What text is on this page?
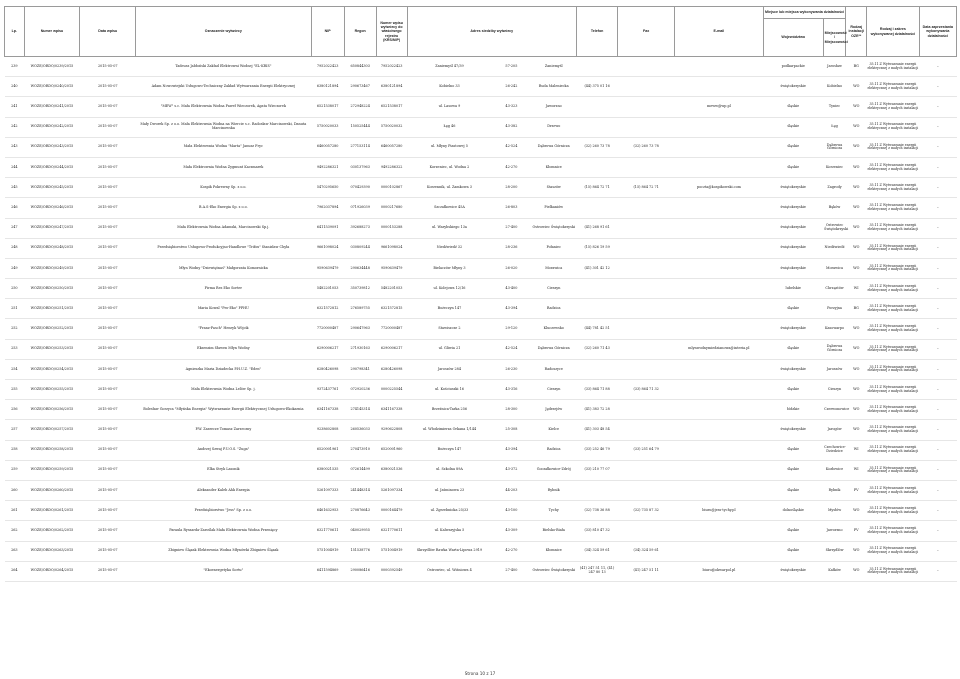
Lp.	Numer wpisu	Data wpisu	Oznaczenie wytwórcy	NIP	Regon	Numer wpisu wytwórcy do właściwego rejestru (KRS/NIP)	Adres siedziby wytwórcy			Telefon	Fax	E-mail	Miejsce lub miejsca wykonywania działalności		Rodzaj instalacji OZE**	Rodzaj i zakres wykonywanej działalności	Data zaprzestania wykonywania działalności
													Województwo	Miejscowość / Miejscowości			
239	WOZE/ORDO/0239/2015	2015-05-07	Tadeusz Jabłoński Zakład Elektrowni Wodnej "EL-KRIS"	7952022423	650844303	7952022423	Zaniemyśl 47/39	57-205	Zaniemyśl				podkarpackie	Jarosław	BG	35.11.Z Wytwarzanie energii elektrycznej z małych instalacji	–
240	WOZE/ORDO/0240/2015	2015-05-07	Adam Nowowiejski Usługowo-Techniczny Zakład Wytwarzania Energii Elektrycznej	6380121894	290673467	6380121894	Kobielno 33	26-242	Ruda Maleniecka	(44) 375 01 16			świętokrzyskie	Kobielno	WO	35.11.Z Wytwarzanie energii elektrycznej z małych instalacji	–
241	WOZE/ORDO/0241/2015	2015-05-07	"MEW" s.c. Mała Elektrownia Wodna Paweł Wieczorek, Agata Wieczorek	6521538017	272948224	6521538017	ul. Lasowa 9	43-323	Jaworzno			meww@wp.pl	śląskie	Tyniec	WO	35.11.Z Wytwarzanie energii elektrycznej z małych instalacji	–
242	WOZE/ORDO/0242/2015	2015-05-07	Mały Dworek Sp. z o.o. Mała Elektrownia Wodna na Wiercie s.c. Radosław Marcinowski, Danuta Marcinowska	5750020033	150525444	5750020032	Łęg 46	43-382	Drzewo				śląskie	Łęg	WO	35.11.Z Wytwarzanie energii elektrycznej z małych instalacji	–
243	WOZE/ORDO/0243/2015	2015-05-07	Mała Elektrownia Wodna "Marta" Janusz Fryc	6460057280	277153114	6460057280	ul. Młyny Piastowej 5	42-524	Dąbrowa Górnicza	(32) 260 73 78	(32) 260 73 78		śląskie	Dąbrowa Górnicza	WO	35.11.Z Wytwarzanie energii elektrycznej z małych instalacji	–
244	WOZE/ORDO/0244/2015	2015-05-07	Mała Elektrownia Wodna Zygmunt Kaczmarek	9492286321	030137963	9492286322	Korzeniec, ul. Wodna 2	42-270	Kłomnice				śląskie	Korzeniec	WO	35.11.Z Wytwarzanie energii elektrycznej z małych instalacji	–
245	WOZE/ORDO/0245/2015	2015-05-07	Kospik Pokrewny Sp. z o.o.	5470295650	070429390	0000102867	Korzennik, ul. Zamkowa 3	28-200	Staszów	(15) 864 72 71	(15) 864 72 71	poczta@kospikowski.com	świętokrzyskie	Zagrody	WO	35.11.Z Wytwarzanie energii elektrycznej z małych instalacji	–
246	WOZE/ORDO/0246/2015	2015-05-07	B.A.S-Eko Energia Sp. z o.o.	7962037894	071926039	0000217680	Szczałkowice 45A	26-803	Pielkaniów				świętokrzyskie	Bęków	WO	35.11.Z Wytwarzanie energii elektrycznej z małych instalacji	–
247	WOZE/ORDO/0247/2015	2015-05-07	Mała Elektrownia Wodna Adamski, Marcinowski Sp.j.	6411539091	392688273	0000153288	ul. Warybskiego 13a	27-400	Ostrowiec Świętokrzyski	(41) 268 91 61			świętokrzyskie	Ostrowiec Świętokrzyski	WO	35.11.Z Wytwarzanie energii elektrycznej z małych instalacji	–
248	WOZE/ORDO/0248/2015	2015-05-07	Przedsiębiorstwo Usługowo-Produkcyjno-Handlowe "Trifox" Stanisław Chyła	9661098024	030809244	9661098024	Niedźwiedź 32	28-236	Połaniec	(15) 826 19 59			świętokrzyskie	Niedźwiedź	WO	35.11.Z Wytwarzanie energii elektrycznej z małych instalacji	–
249	WOZE/ORDO/0249/2015	2015-05-07	Młyn Wodny "Dziewiętnaś" Małgorzata Komornicka	9590639479	290634448	9590639479	Bielaczów Młyny 3	26-020	Morawica	(41) 301 42 12			świętokrzyskie	Morawica	WO	35.11.Z Wytwarzanie energii elektrycznej z małych instalacji	–
250	WOZE/ORDO/0250/2015	2015-05-07	Firma Res Eko Sorter	5482201053	350739812	5482201053	ul. Kolejowa 12/16	43-400	Cieszyn				lubelskie	Chrząstów	WI	35.11.Z Wytwarzanie energii elektrycznej z małych instalacji	–
251	WOZE/ORDO/0251/2015	2015-05-07	Maria Kowal "Pro-Eko" PPHU	6321572812	276589755	6321572815	Bożeczyn 147	43-394	Radzica				śląskie	Porzyjna	BG	35.11.Z Wytwarzanie energii elektrycznej z małych instalacji	–
252	WOZE/ORDO/0252/2015	2015-05-07	"Franz-Pasch" Henryk Wójcik	7720000487	290647963	7720000487	Stawiszcze 2	29-120	Kluczewsko	(44) 781 42 51			świętokrzyskie	Kasowarpo	WO	35.11.Z Wytwarzanie energii elektrycznej z małych instalacji	–
253	WOZE/ORDO/0253/2015	2015-05-07	Eksensim Sławen Młyn Wodny	6290006217	271930163	6290006217	ul. Gliwia 21	42-524	Dąbrowa Górnicza	(32) 260 71 43		mlynwodnymiedzianowa@interia.pl	śląskie	Dąbrowa Górnicza	WO	35.11.Z Wytwarzanie energii elektrycznej z małych instalacji	–
254	WOZE/ORDO/0254/2015	2015-05-07	Agnieszka Maria Dziadecka P.H.U.Z. "Eden"	6280426098	290798341	6280426098	Jaroszów 284	26-230	Radoszyce				świętokrzyskie	Jaroszów	WO	35.11.Z Wytwarzanie energii elektrycznej z małych instalacji	–
255	WOZE/ORDO/0255/2015	2015-05-07	Mała Elektrownia Wodna Lelów Sp. j.	9372437761	072920236	0000225544	ul. Kościuszki 16	43-316	Cieszyn	(33) 864 71 88	(33) 864 71 32		śląskie	Cieszyn	WO	35.11.Z Wytwarzanie energii elektrycznej z małych instalacji	–
256	WOZE/ORDO/0256/2015	2015-05-07	Bolesław Gorzyca "Młyńska Energia" Wytwarzanie Energii Elektrycznej Usługowo-Ekokarnia	6341167338	274145314	6341167338	Brzeźnica-Tarka 256	28-300	Jędrzejów	(41) 383 72 28			łódzkie	Czerwonowice	WO	35.11.Z Wytwarzanie energii elektrycznej z małych instalacji	–
257	WOZE/ORDO/0257/2015	2015-05-07	P.W. Zarzecze Tomasz Zarzeczny	9238602808	260536033	9290622808	ul. Włodzimierza Orkana 1/144	25-308	Kielce	(41) 303 48 54			świętokrzyskie	Jarogów	WO	35.11.Z Wytwarzanie energii elektrycznej z małych instalacji	–
258	WOZE/ORDO/0258/2015	2015-05-07	Andrzej Szwaj P.U.O.S. "Zuga"	6520001961	270473910	6520001960	Bożeczyn 147	43-394	Radzica	(33) 252 46 79	(33) 251 64 79		śląskie	Czechowice-Dziedzice	WI	35.11.Z Wytwarzanie energii elektrycznej z małych instalacji	–
259	WOZE/ORDO/0259/2015	2015-05-07	Elka Stryk Lasonik	6380021535	072614499	6380021536	ul. Szkolna 89A	43-372	Goczałkowice-Zdrój	(33) 210 77 07			śląskie	Kozłowice	WI	35.11.Z Wytwarzanie energii elektrycznej z małych instalacji	–
260	WOZE/ORDO/0260/2015	2015-05-07	Aleksander Kaleb Ahk Energia	5261097333	241448314	5261097334	ul. Jaśminowa 23	44-203	Rybnik				śląskie	Rybnik	PV	35.11.Z Wytwarzanie energii elektrycznej z małych instalacji	–
261	WOZE/ORDO/0261/2015	2015-05-07	Przedsiębiorstwo "Jess" Sp. z o.o.	6461632953	270876643	0000164479	ul. Zgrzebnioka 25/33	43-100	Tychy	(32) 738 36 88	(32) 735 87 32	biuro@jess-tychy.pl	dolnośląskie	Mysłów	WO	35.11.Z Wytwarzanie energii elektrycznej z małych instalacji	–
262	WOZE/ORDO/0262/2015	2015-05-07	Paraula Ryszarda-Zaroślak Mała Elektrownia Wodna Przenięcy	6321770611	040029955	6321770611	ul. Kalwaryjska 5	43-309	Bielsko-Biała	(33) 810 47 32			śląskie	Jaworzno	PV	35.11.Z Wytwarzanie energii elektrycznej z małych instalacji	–
263	WOZE/ORDO/0263/2015	2015-05-07	Zbigniew Ślązak Elektrownia Wodna Młynówki Zbigniew Ślązak	5751004919	151538776	5751004919	Skrzydlów Rawka Warta-Lipowa 2919	42-270	Kłomnice	(34) 324 59 61	(34) 324 59 61		śląskie	Skrzydlów	WO	35.11.Z Wytwarzanie energii elektrycznej z małych instalacji	–
264	WOZE/ORDO/0264/2015	2015-05-07	"Ekoenergetyka Sortu"	6411594869	290086416	0000392549	Ostrowiec, ul. Wiśniowa 4	27-400	Ostrowiec Świętokrzyski	(41) 247 51 11, (41) 247 80 13	(41) 247 51 11	biuro@okwarpol.pl	świętokrzyskie	Kałków	WO	35.11.Z Wytwarzanie energii elektrycznej z małych instalacji	–
Strona 10 z 17
